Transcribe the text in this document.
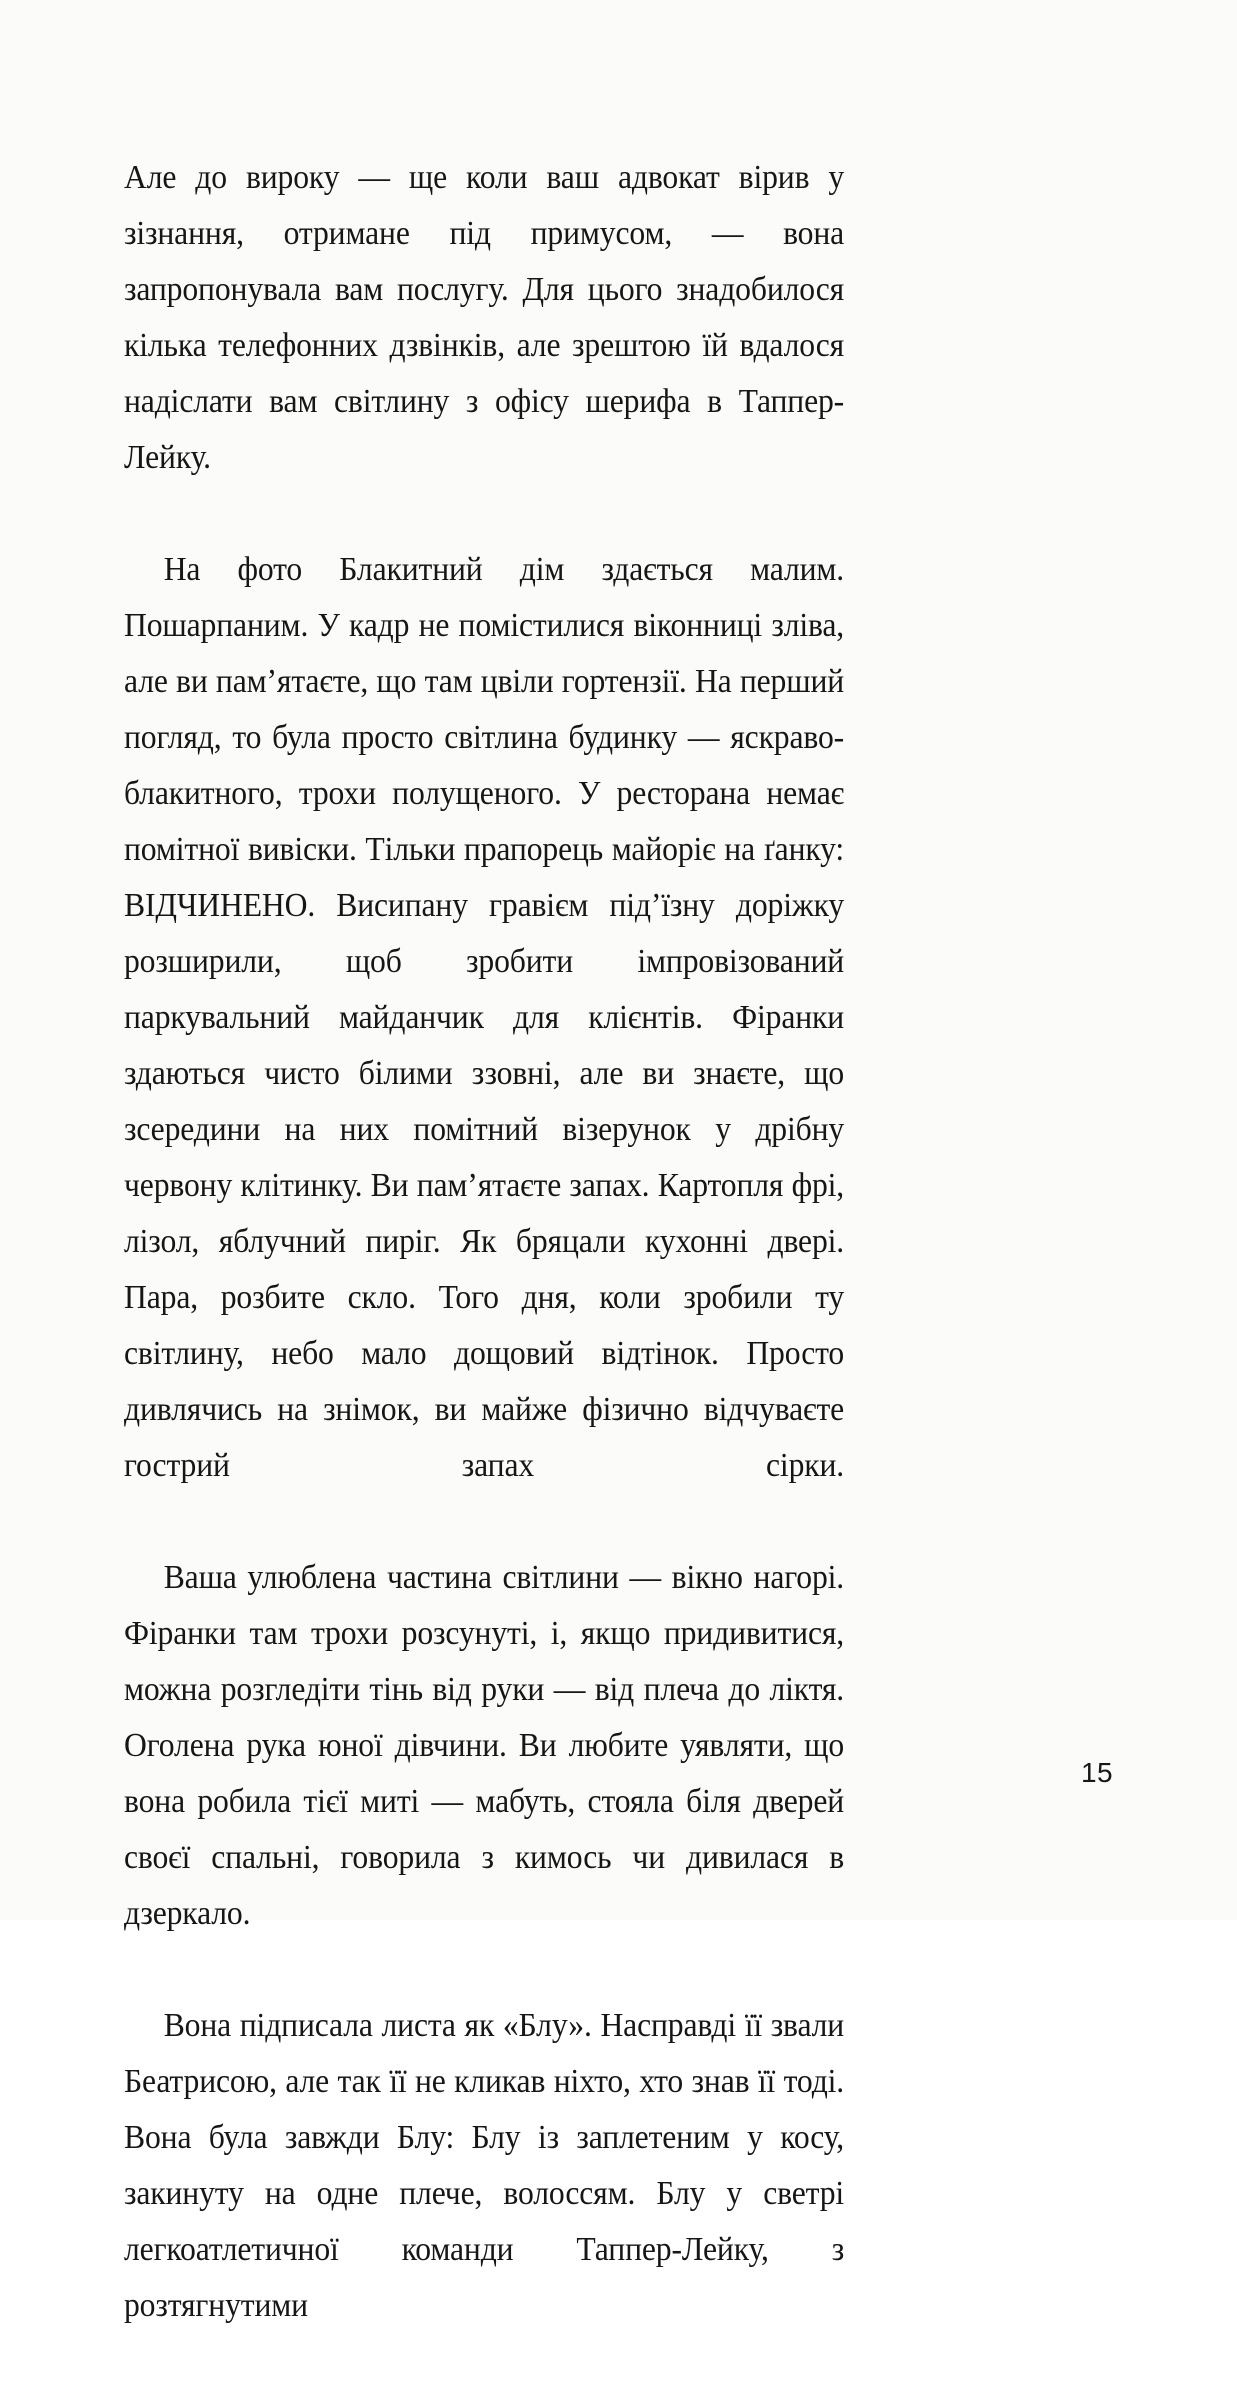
Але до вироку — ще коли ваш адвокат вірив у зізнання, отримане під примусом, — вона запропонувала вам послугу. Для цього знадобилося кілька телефонних дзвінків, але зрештою їй вдалося надіслати вам світлину з офісу шерифа в Таппер-Лейку.

На фото Блакитний дім здається малим. Пошарпаним. У кадр не помістилися віконниці зліва, але ви пам’ятаєте, що там цвіли гортензії. На перший погляд, то була просто світлина будинку — яскраво-блакитного, трохи полущеного. У ресторана немає помітної вивіски. Тільки прапорець майоріє на ґанку: ВІДЧИНЕНО. Висипану гравієм під’їзну доріжку розширили, щоб зробити імпровізований паркувальний майданчик для клієнтів. Фіранки здаються чисто білими ззовні, але ви знаєте, що зсередини на них помітний візерунок у дрібну червону клітинку. Ви пам’ятаєте запах. Картопля фрі, лізол, яблучний пиріг. Як бряцали кухонні двері. Пара, розбите скло. Того дня, коли зробили ту світлину, небо мало дощовий відтінок. Просто дивлячись на знімок, ви майже фізично відчуваєте гострий запах сірки.

Ваша улюблена частина світлини — вікно нагорі. Фіранки там трохи розсунуті, і, якщо придивитися, можна розгледіти тінь від руки — від плеча до ліктя. Оголена рука юної дівчини. Ви любите уявляти, що вона робила тієї миті — мабуть, стояла біля дверей своєї спальні, говорила з кимось чи дивилася в дзеркало.

Вона підписала листа як «Блу». Насправді її звали Беатрисою, але так її не кликав ніхто, хто знав її тоді. Вона була завжди Блу: Блу із заплетеним у косу, закинуту на одне плече, волоссям. Блу у светрі легкоатлетичної команди Таппер-Лейку, з розтягнутими

15
